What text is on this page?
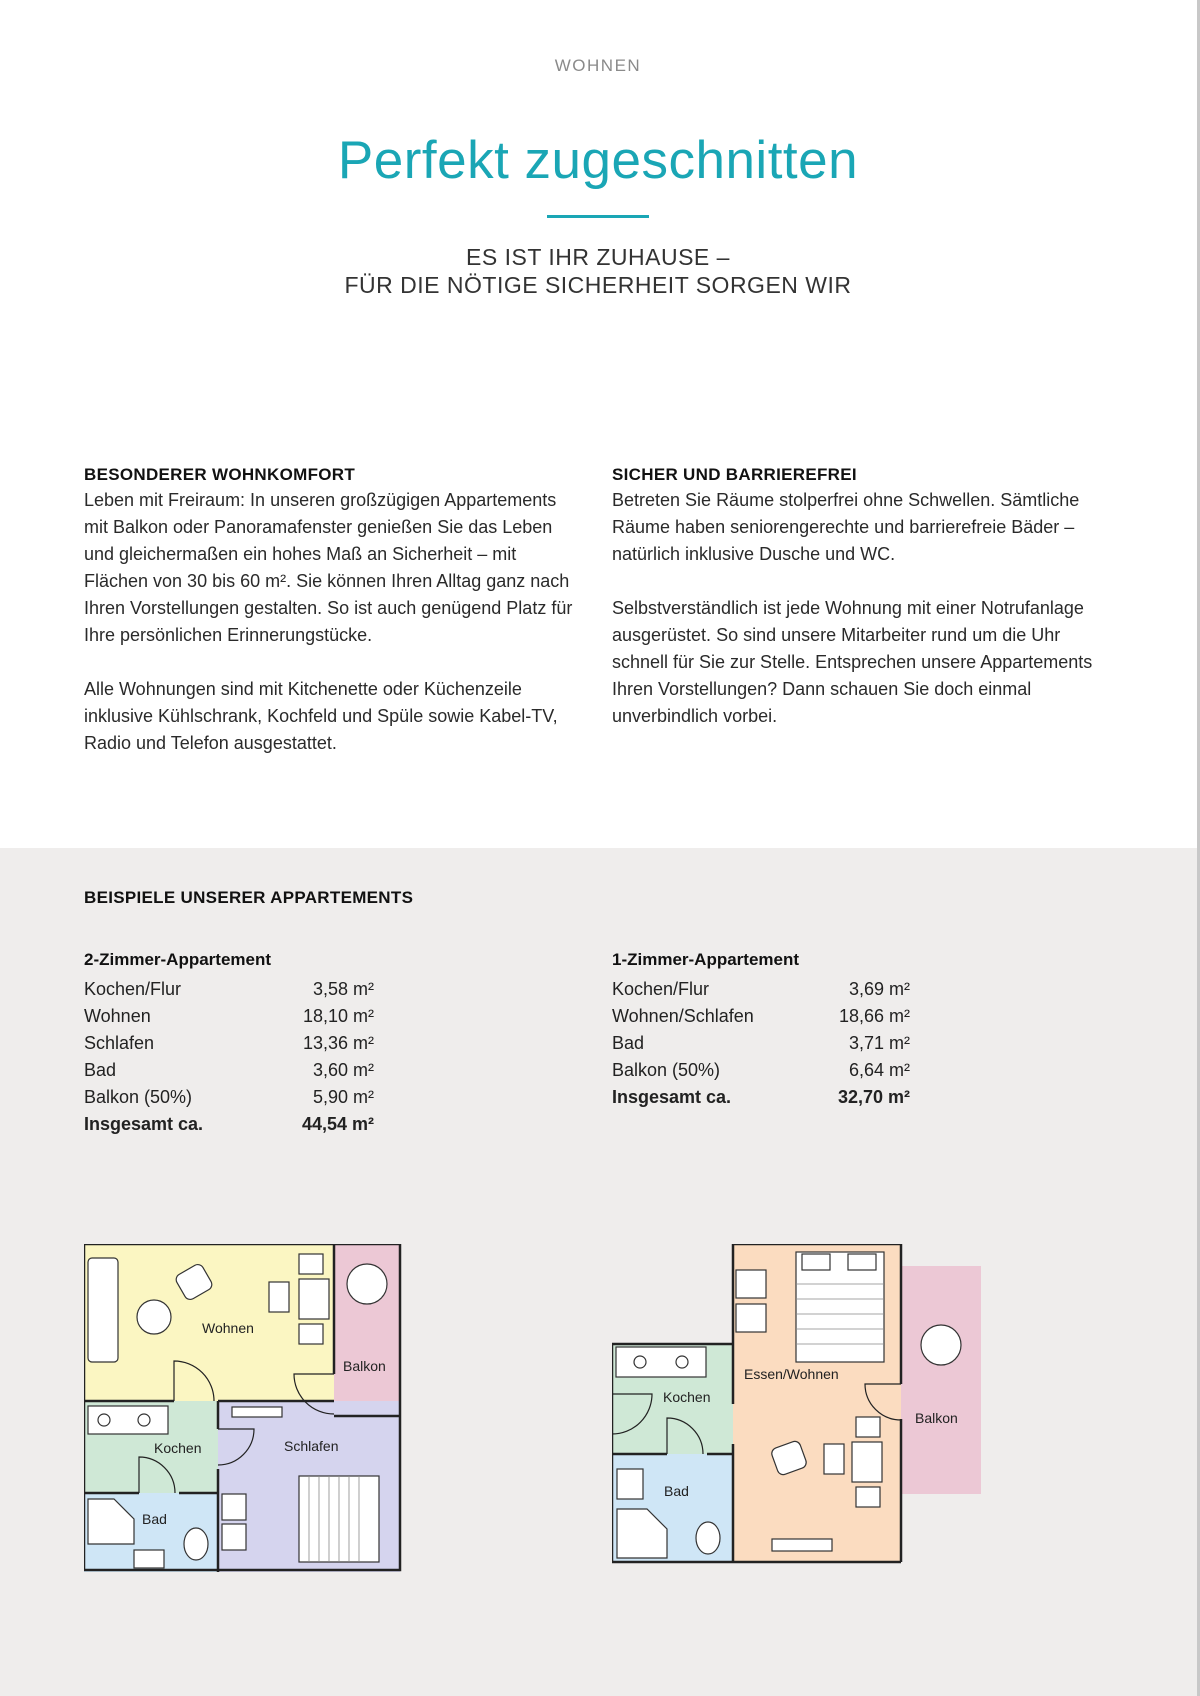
WOHNEN
Perfekt zugeschnitten
ES IST IHR ZUHAUSE –
FÜR DIE NÖTIGE SICHERHEIT SORGEN WIR
BESONDERER WOHNKOMFORT

Leben mit Freiraum: In unseren großzügigen Appartements mit Balkon oder Panoramafenster genießen Sie das Leben und gleichermaßen ein hohes Maß an Sicherheit – mit Flächen von 30 bis 60 m². Sie können Ihren Alltag ganz nach Ihren Vorstellungen gestalten. So ist auch genügend Platz für Ihre persönlichen Erinnerungstücke.

Alle Wohnungen sind mit Kitchenette oder Küchenzeile inklusive Kühlschrank, Kochfeld und Spüle sowie Kabel-TV, Radio und Telefon ausgestattet.

SICHER UND BARRIEREFREI

Betreten Sie Räume stolperfrei ohne Schwellen. Sämtliche Räume haben seniorengerechte und barrierefreie Bäder – natürlich inklusive Dusche und WC.

Selbstverständlich ist jede Wohnung mit einer Notrufanlage ausgerüstet. So sind unsere Mitarbeiter rund um die Uhr schnell für Sie zur Stelle. Entsprechen unsere Appartements Ihren Vorstellungen? Dann schauen Sie doch einmal unverbindlich vorbei.

BEISPIELE UNSERER APPARTEMENTS
2-Zimmer-Appartement
Kochen/Flur	3,58 m²
Wohnen	18,10 m²
Schlafen	13,36 m²
Bad	3,60 m²
Balkon (50%)	5,90 m²
Insgesamt ca.	44,54 m²
1-Zimmer-Appartement
Kochen/Flur	3,69 m²
Wohnen/Schlafen	18,66 m²
Bad	3,71 m²
Balkon (50%)	6,64 m²
Insgesamt ca.	32,70 m²
Wohnen
Balkon
Kochen	Schlafen
Bad
Essen/Wohnen
Kochen
Bad
Balkon
